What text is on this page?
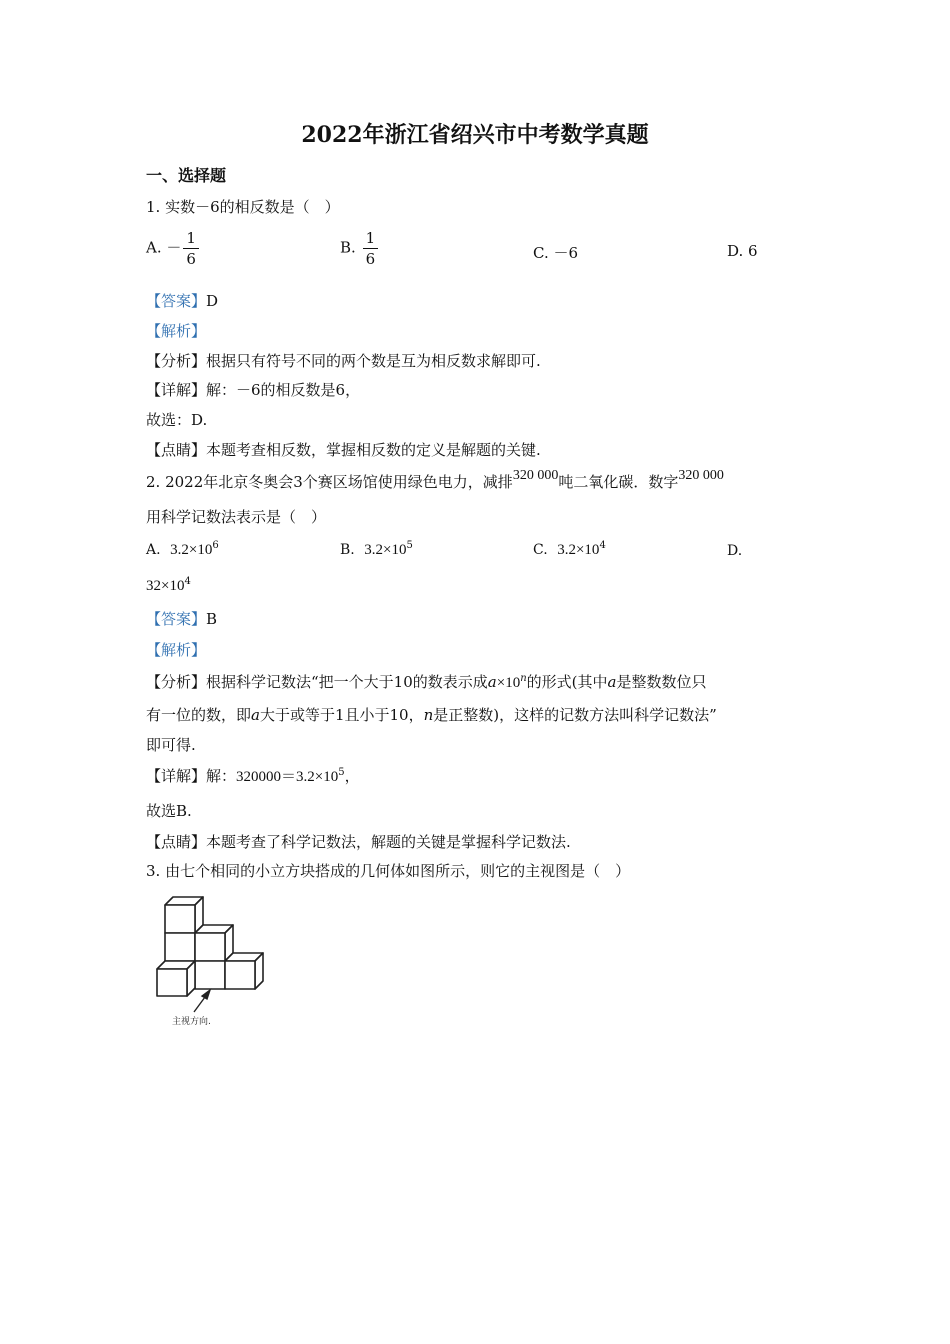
2022年浙江省绍兴市中考数学真题
一、选择题
1. 实数－6的相反数是（　）
A. － $\frac{1}{6}$	B. $\frac{1}{6}$	C. －6	D. 6
【答案】D
【解析】
【分析】根据只有符号不同的两个数是互为相反数求解即可.
【详解】解：－6的相反数是6，
故选：D.
【点睛】本题考查相反数，掌握相反数的定义是解题的关键.
2. 2022年北京冬奥会3个赛区场馆使用绿色电力，减排320 000吨二氧化碳．数字320 000
用科学记数法表示是（　）
A. $3.2\times 10^6$	B. $3.2\times 10^5$	C. $3.2\times 10^4$	D.
$32\times 10^4$
【答案】B
【解析】
【分析】根据科学记数法“把一个大于10的数表示成$a\times 10^n$的形式(其中a是整数数位只
有一位的数，即a大于或等于1且小于10，n是正整数)，这样的记数方法叫科学记数法”
即可得.
【详解】解：$320000=3.2\times 10^5$，
故选B.
【点睛】本题考查了科学记数法，解题的关键是掌握科学记数法.
3. 由七个相同的小立方块搭成的几何体如图所示，则它的主视图是（　）
主视方向.
